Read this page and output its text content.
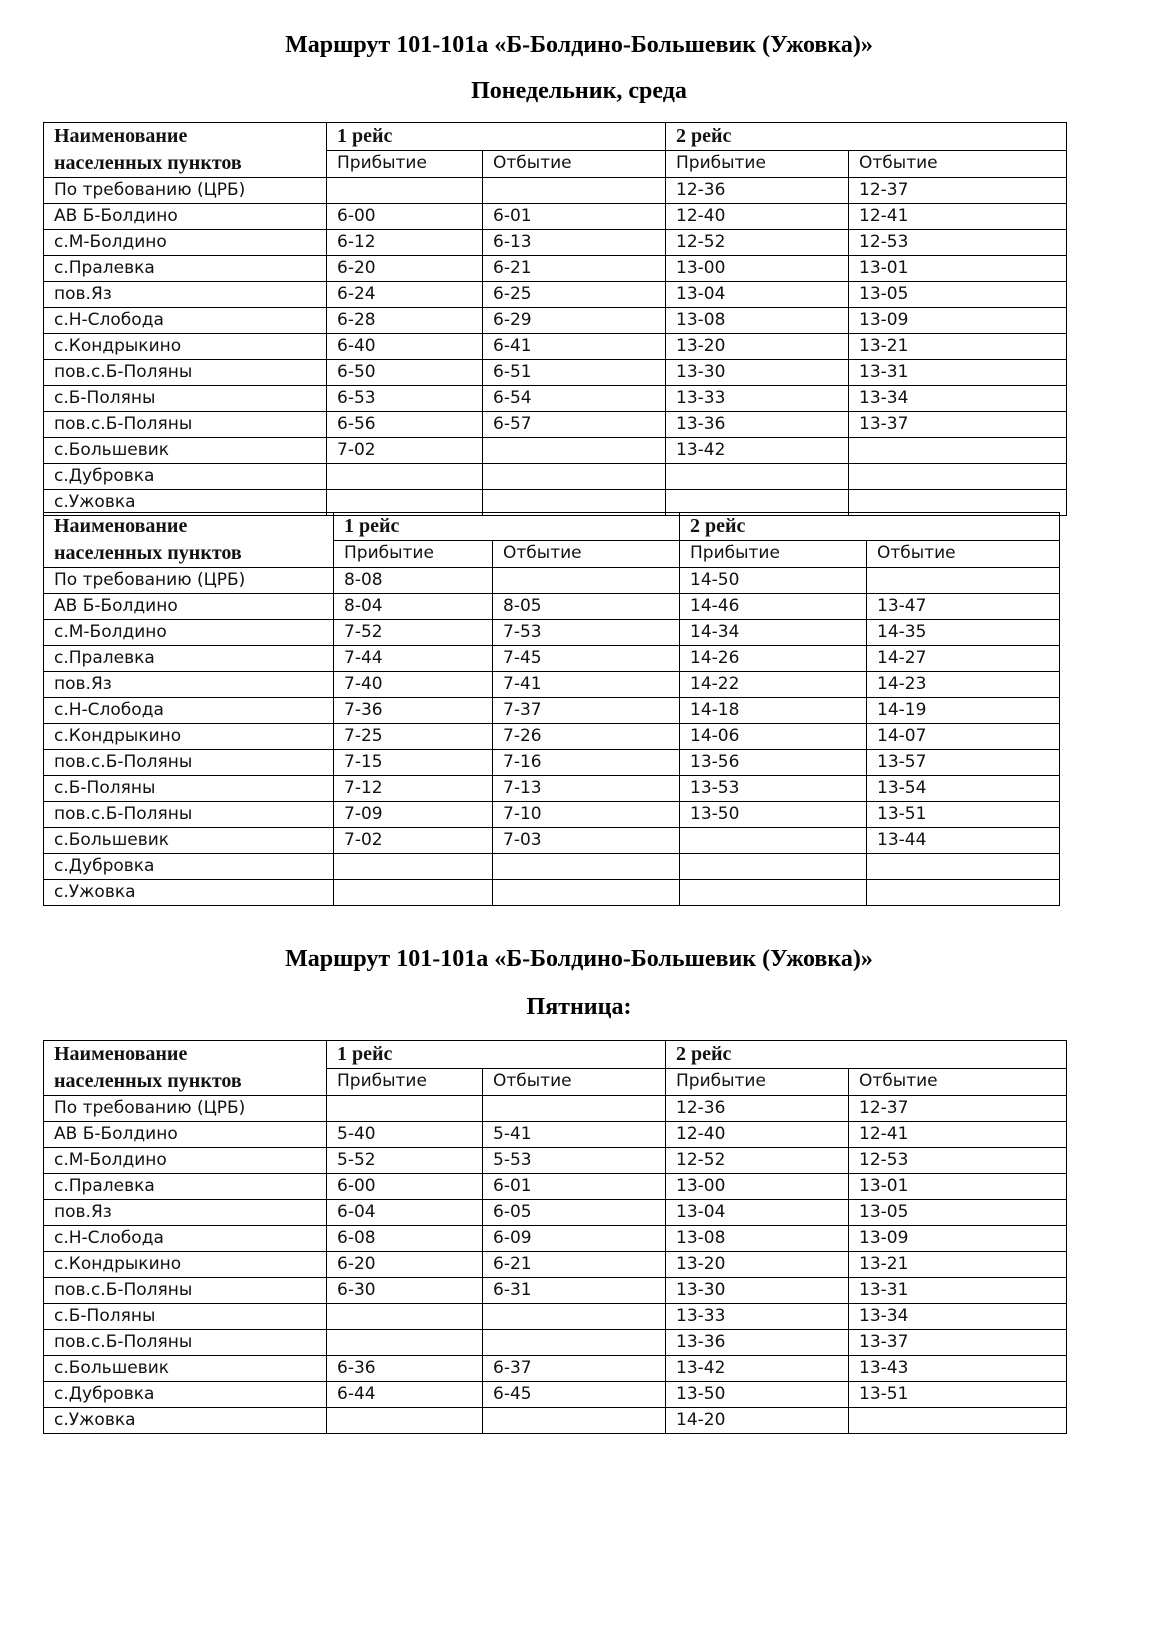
Маршрут 101-101а «Б-Болдино-Большевик (Ужовка)»
Понедельник, среда
Наименование
населенных пунктов	1 рейс		2 рейс	
	Прибытие	Отбытие	Прибытие	Отбытие
По требованию (ЦРБ)			12-36	12-37
АВ Б-Болдино	6-00	6-01	12-40	12-41
с.М-Болдино	6-12	6-13	12-52	12-53
с.Пралевка	6-20	6-21	13-00	13-01
пов.Яз	6-24	6-25	13-04	13-05
с.Н-Слобода	6-28	6-29	13-08	13-09
с.Кондрыкино	6-40	6-41	13-20	13-21
пов.с.Б-Поляны	6-50	6-51	13-30	13-31
с.Б-Поляны	6-53	6-54	13-33	13-34
пов.с.Б-Поляны	6-56	6-57	13-36	13-37
с.Большевик	7-02		13-42	
с.Дубровка				
с.Ужовка				
Наименование
населенных пунктов	1 рейс		2 рейс	
	Прибытие	Отбытие	Прибытие	Отбытие
По требованию (ЦРБ)	8-08		14-50	
АВ Б-Болдино	8-04	8-05	14-46	13-47
с.М-Болдино	7-52	7-53	14-34	14-35
с.Пралевка	7-44	7-45	14-26	14-27
пов.Яз	7-40	7-41	14-22	14-23
с.Н-Слобода	7-36	7-37	14-18	14-19
с.Кондрыкино	7-25	7-26	14-06	14-07
пов.с.Б-Поляны	7-15	7-16	13-56	13-57
с.Б-Поляны	7-12	7-13	13-53	13-54
пов.с.Б-Поляны	7-09	7-10	13-50	13-51
с.Большевик	7-02	7-03		13-44
с.Дубровка				
с.Ужовка				
Маршрут 101-101а «Б-Болдино-Большевик (Ужовка)»
Пятница:
Наименование
населенных пунктов	1 рейс		2 рейс	
	Прибытие	Отбытие	Прибытие	Отбытие
По требованию (ЦРБ)			12-36	12-37
АВ Б-Болдино	5-40	5-41	12-40	12-41
с.М-Болдино	5-52	5-53	12-52	12-53
с.Пралевка	6-00	6-01	13-00	13-01
пов.Яз	6-04	6-05	13-04	13-05
с.Н-Слобода	6-08	6-09	13-08	13-09
с.Кондрыкино	6-20	6-21	13-20	13-21
пов.с.Б-Поляны	6-30	6-31	13-30	13-31
с.Б-Поляны			13-33	13-34
пов.с.Б-Поляны			13-36	13-37
с.Большевик	6-36	6-37	13-42	13-43
с.Дубровка	6-44	6-45	13-50	13-51
с.Ужовка			14-20	
